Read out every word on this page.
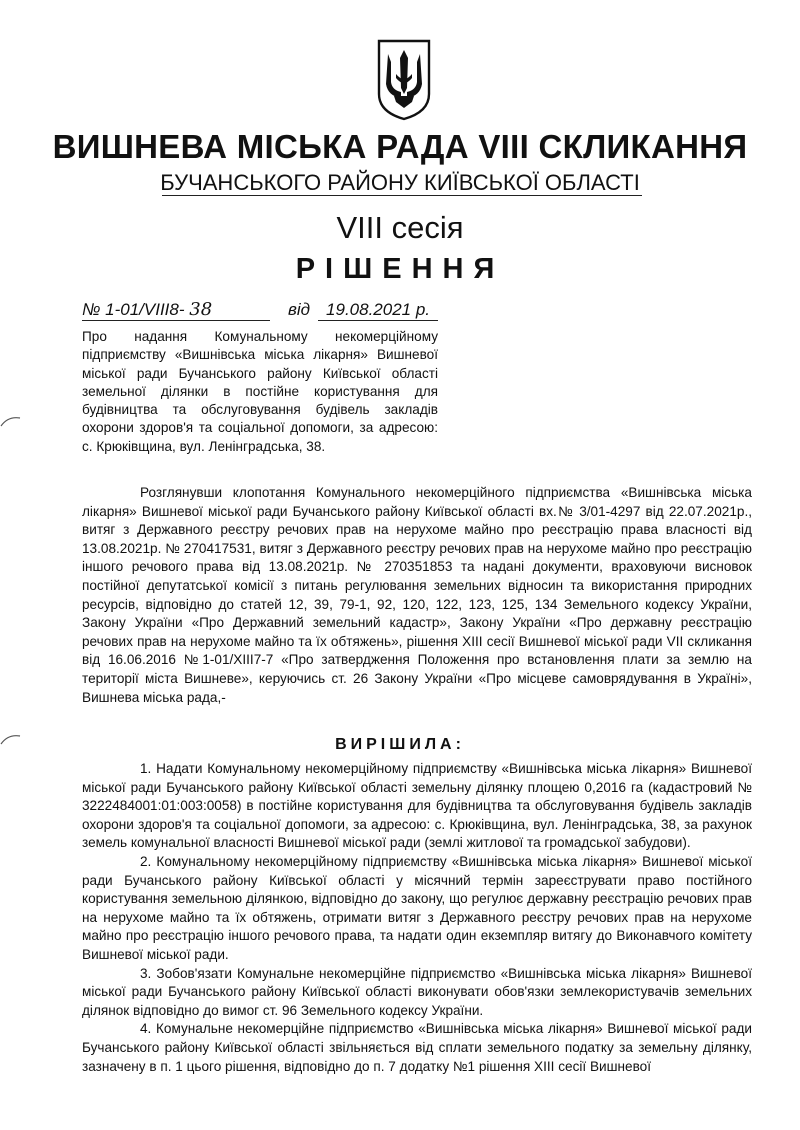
ВИШНЕВА МІСЬКА РАДА VIII СКЛИКАННЯ
БУЧАНСЬКОГО РАЙОНУ КИЇВСЬКОЇ ОБЛАСТІ
VIII сесія
РІШЕННЯ
№ 1-01/VIII8- 38	від 19.08.2021 р.

Про надання Комунальному некомерційному підприємству «Вишнівська міська лікарня» Вишневої міської ради Бучанського району Київської області земельної ділянки в постійне користування для будівництва та обслуговування будівель закладів охорони здоров'я та соціальної допомоги, за адресою: с. Крюківщина, вул. Ленінградська, 38.

Розглянувши клопотання Комунального некомерційного підприємства «Вишнівська міська лікарня» Вишневої міської ради Бучанського району Київської області вх.№ 3/01-4297 від 22.07.2021р., витяг з Державного реєстру речових прав на нерухоме майно про реєстрацію права власності від 13.08.2021р. № 270417531, витяг з Державного реєстру речових прав на нерухоме майно про реєстрацію іншого речового права від 13.08.2021р. № 270351853 та надані документи, враховуючи висновок постійної депутатської комісії з питань регулювання земельних відносин та використання природних ресурсів, відповідно до статей 12, 39, 79-1, 92, 120, 122, 123, 125, 134 Земельного кодексу України, Закону України «Про Державний земельний кадастр», Закону України «Про державну реєстрацію речових прав на нерухоме майно та їх обтяжень», рішення XIII сесії Вишневої міської ради VII скликання від 16.06.2016 №1-01/XIII7-7 «Про затвердження Положення про встановлення плати за землю на території міста Вишневе», керуючись ст. 26 Закону України «Про місцеве самоврядування в Україні», Вишнева міська рада,-

ВИРІШИЛА:

1. Надати Комунальному некомерційному підприємству «Вишнівська міська лікарня» Вишневої міської ради Бучанського району Київської області земельну ділянку площею 0,2016 га (кадастровий № 3222484001:01:003:0058) в постійне користування для будівництва та обслуговування будівель закладів охорони здоров'я та соціальної допомоги, за адресою: с. Крюківщина, вул. Ленінградська, 38, за рахунок земель комунальної власності Вишневої міської ради (землі житлової та громадської забудови).

2. Комунальному некомерційному підприємству «Вишнівська міська лікарня» Вишневої міської ради Бучанського району Київської області у місячний термін зареєструвати право постійного користування земельною ділянкою, відповідно до закону, що регулює державну реєстрацію речових прав на нерухоме майно та їх обтяжень, отримати витяг з Державного реєстру речових прав на нерухоме майно про реєстрацію іншого речового права, та надати один екземпляр витягу до Виконавчого комітету Вишневої міської ради.

3. Зобов'язати Комунальне некомерційне підприємство «Вишнівська міська лікарня» Вишневої міської ради Бучанського району Київської області виконувати обов'язки землекористувачів земельних ділянок відповідно до вимог ст. 96 Земельного кодексу України.

4. Комунальне некомерційне підприємство «Вишнівська міська лікарня» Вишневої міської ради Бучанського району Київської області звільняється від сплати земельного податку за земельну ділянку, зазначену в п. 1 цього рішення, відповідно до п. 7 додатку №1 рішення XIII сесії Вишневої
